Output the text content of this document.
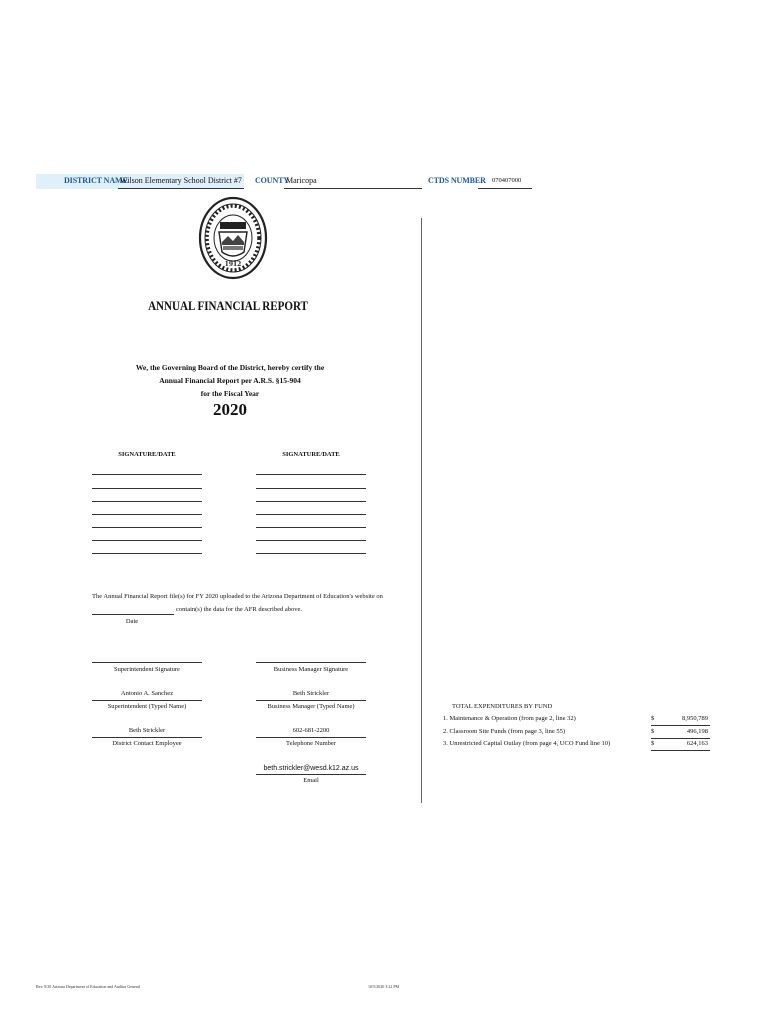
DISTRICT NAME
Wilson Elementary School District #7 COUNTY
Maricopa	CTDS NUMBER 070407000
1912
ANNUAL FINANCIAL REPORT
We, the Governing Board of the District, hereby certify the
Annual Financial Report per A.R.S. §15-904
for the Fiscal Year
2020
SIGNATURE/DATE	SIGNATURE/DATE
The Annual Financial Report file(s) for FY 2020 uploaded to the Arizona Department of Education's website on
contain(s) the data for the AFR described above.
Date
Superintendent Signature	Business Manager Signature
Antonio A. Sanchez
Superintendent (Typed Name)
Beth Strickler
Business Manager (Typed Name)
Beth Strickler
District Contact Employee
602-681-2200
Telephone Number
beth.strickler@wesd.k12.az.us
Email
TOTAL EXPENDITURES BY FUND
1. Maintenance & Operation (from page 2, line 32)	$	8,950,789
2. Classroom Site Funds (from page 3, line 55)	$	496,198
3. Unrestricted Capital Outlay (from page 4, UCO Fund line 10)	$	624,163
Rev. 9/20 Arizona Department of Education and Auditor General	10/5/2020 3:22 PM
